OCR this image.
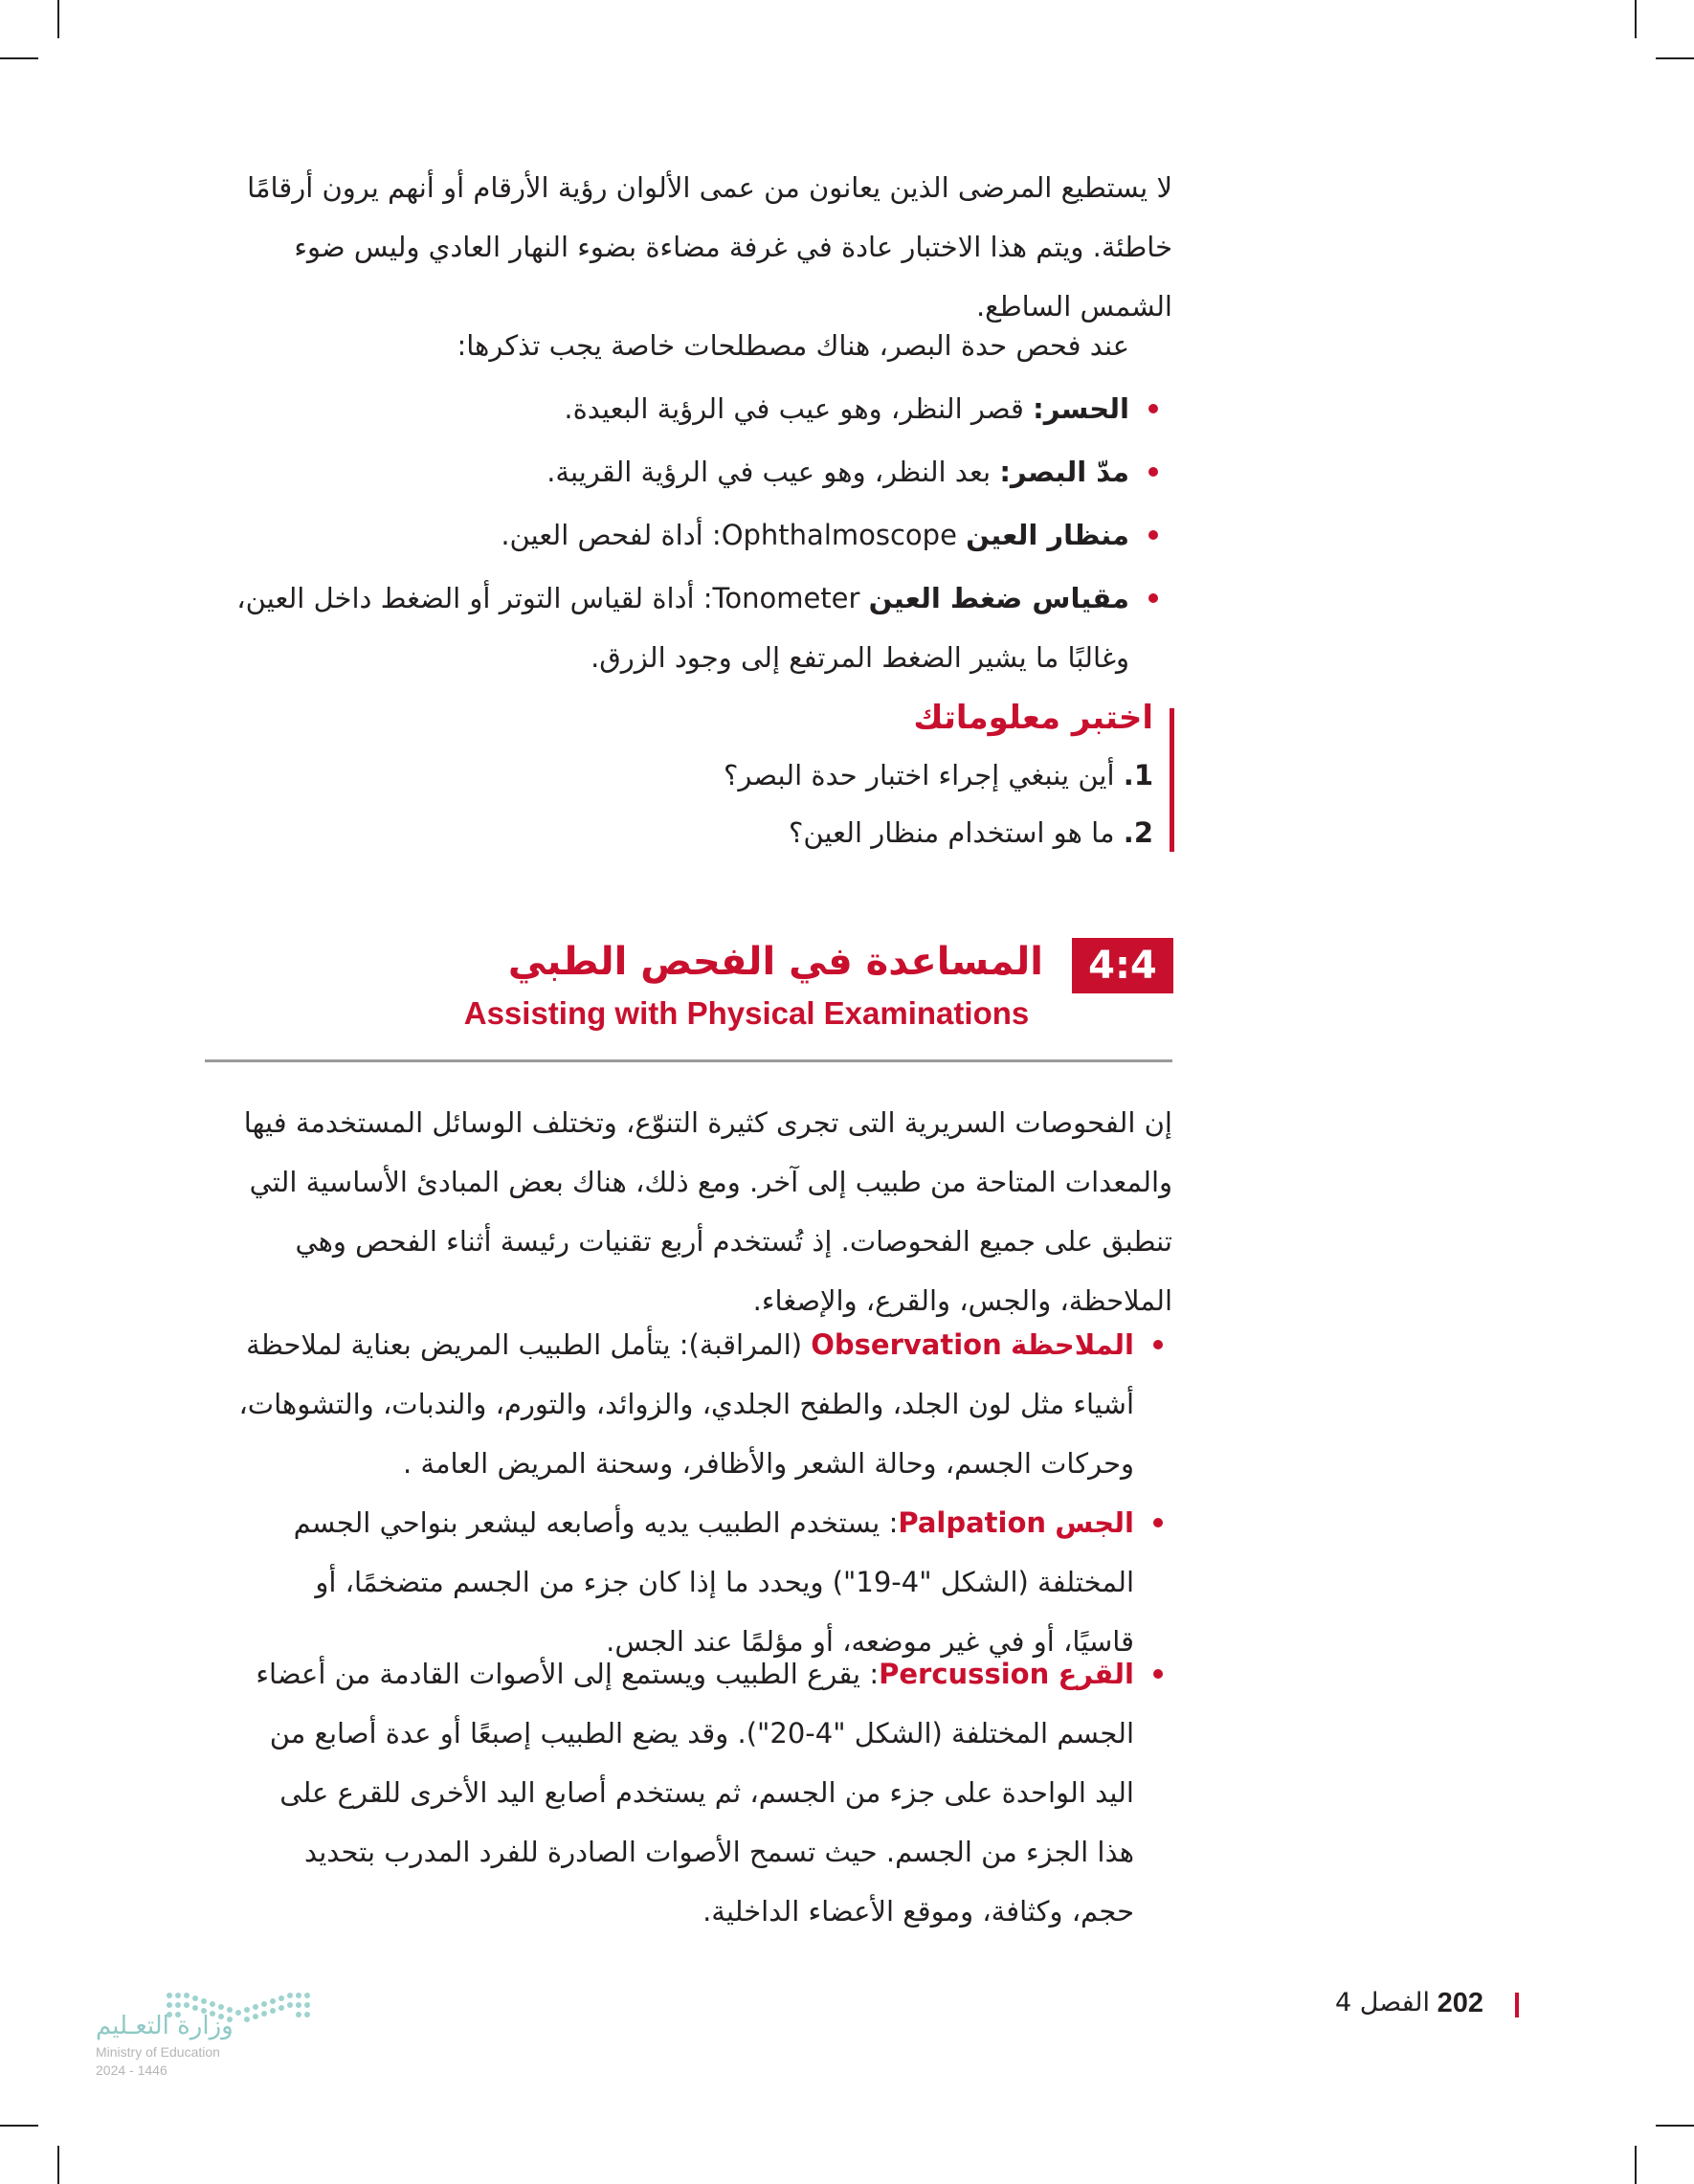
لا يستطيع المرضى الذين يعانون من عمى الألوان رؤية الأرقام أو أنهم يرون أرقامًا
خاطئة. ويتم هذا الاختبار عادة في غرفة مضاءة بضوء النهار العادي وليس ضوء
الشمس الساطع.

عند فحص حدة البصر، هناك مصطلحات خاصة يجب تذكرها:
الحسر: قصر النظر، وهو عيب في الرؤية البعيدة.
مدّ البصر: بعد النظر، وهو عيب في الرؤية القريبة.
منظار العين Ophthalmoscope: أداة لفحص العين.
مقياس ضغط العين Tonometer: أداة لقياس التوتر أو الضغط داخل العين،
وغالبًا ما يشير الضغط المرتفع إلى وجود الزرق.
اختبر معلوماتك
1. أين ينبغي إجراء اختبار حدة البصر؟
2. ما هو استخدام منظار العين؟
4:4
المساعدة في الفحص الطبي
Assisting with Physical Examinations

إن الفحوصات السريرية التى تجرى كثيرة التنوّع، وتختلف الوسائل المستخدمة فيها
والمعدات المتاحة من طبيب إلى آخر. ومع ذلك، هناك بعض المبادئ الأساسية التي
تنطبق على جميع الفحوصات. إذ تُستخدم أربع تقنيات رئيسة أثناء الفحص وهي
الملاحظة، والجس، والقرع، والإصغاء.

الملاحظة Observation (المراقبة): يتأمل الطبيب المريض بعناية لملاحظة
أشياء مثل لون الجلد، والطفح الجلدي، والزوائد، والتورم، والندبات، والتشوهات،
وحركات الجسم، وحالة الشعر والأظافر، وسحنة المريض العامة .
الجس Palpation: يستخدم الطبيب يديه وأصابعه ليشعر بنواحي الجسم
المختلفة (الشكل "4-19") ويحدد ما إذا كان جزء من الجسم متضخمًا، أو
قاسيًا، أو في غير موضعه، أو مؤلمًا عند الجس.
القرع Percussion: يقرع الطبيب ويستمع إلى الأصوات القادمة من أعضاء
الجسم المختلفة (الشكل "4-20"). وقد يضع الطبيب إصبعًا أو عدة أصابع من
اليد الواحدة على جزء من الجسم، ثم يستخدم أصابع اليد الأخرى للقرع على
هذا الجزء من الجسم. حيث تسمح الأصوات الصادرة للفرد المدرب بتحديد
حجم، وكثافة، وموقع الأعضاء الداخلية.
202
الفصل 4
وزارة التعـليم
Ministry of Education
2024 - 1446
